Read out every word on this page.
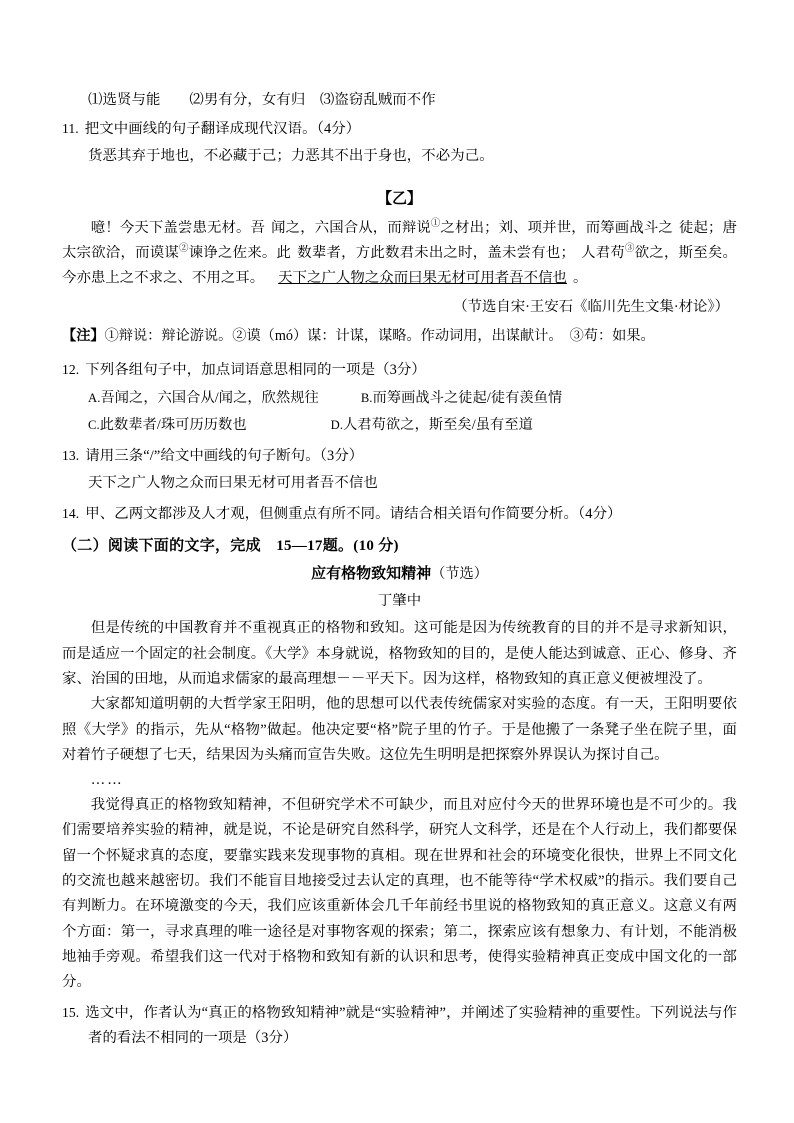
⑴选贤与能　　⑵男有分，女有归　⑶盗窃乱贼而不作
11. 把文中画线的句子翻译成现代汉语。（4分）
货恶其弃于地也，不必藏于己；力恶其不出于身也，不必为己。
【乙】
噫！今天下盖尝患无材。吾 闻之，六国合从，而辩说①之材出；刘、项并世，而筹画战斗之 徒起；唐太宗欲洽，而谟谋②谏诤之佐来。此 数辈者，方此数君未出之时，盖未尝有也； 人君苟③欲之，斯至矣。今亦患上之不求之、不用之耳。 天下之广人物之众而曰果无材可用者吾不信也 。
（节选自宋·王安石《临川先生文集·材论》）
【注】①辩说：辩论游说。②谟（mó）谋：计谋，谋略。作动词用，出谋献计。　③苟：如果。
12. 下列各组句子中，加点词语意思相同的一项是（3分）
A.吾闻之，六国合从/闻之，欣然规往	B.而筹画战斗之徒起/徒有羡鱼情
C.此数辈者/珠可历历数也	D.人君苟欲之，斯至矣/虽有至道
13. 请用三条“/”给文中画线的句子断句。（3分）
天下之广人物之众而曰果无材可用者吾不信也
14. 甲、乙两文都涉及人才观，但侧重点有所不同。请结合相关语句作简要分析。（4分）
（二）阅读下面的文字，完成　15—17题。(10 分)
应有格物致知精神（节选）
丁肇中
但是传统的中国教育并不重视真正的格物和致知。这可能是因为传统教育的目的并不是寻求新知识，而是适应一个固定的社会制度。《大学》本身就说，格物致知的目的，是使人能达到诚意、正心、修身、齐家、治国的田地，从而追求儒家的最高理想－－平天下。因为这样，格物致知的真正意义便被埋没了。
大家都知道明朝的大哲学家王阳明，他的思想可以代表传统儒家对实验的态度。有一天，王阳明要依照《大学》的指示，先从“格物”做起。他决定要“格”院子里的竹子。于是他搬了一条凳子坐在院子里，面对着竹子硬想了七天，结果因为头痛而宣告失败。这位先生明明是把探察外界误认为探讨自己。
……
我觉得真正的格物致知精神，不但研究学术不可缺少，而且对应付今天的世界环境也是不可少的。我们需要培养实验的精神，就是说，不论是研究自然科学，研究人文科学，还是在个人行动上，我们都要保留一个怀疑求真的态度，要靠实践来发现事物的真相。现在世界和社会的环境变化很快，世界上不同文化的交流也越来越密切。我们不能盲目地接受过去认定的真理，也不能等待“学术权威”的指示。我们要自己有判断力。在环境激变的今天，我们应该重新体会几千年前经书里说的格物致知的真正意义。这意义有两个方面：第一，寻求真理的唯一途径是对事物客观的探索；第二，探索应该有想象力、有计划，不能消极地袖手旁观。希望我们这一代对于格物和致知有新的认识和思考，使得实验精神真正变成中国文化的一部分。
15. 选文中，作者认为“真正的格物致知精神”就是“实验精神”，并阐述了实验精神的重要性。下列说法与作者的看法不相同的一项是（3分）
